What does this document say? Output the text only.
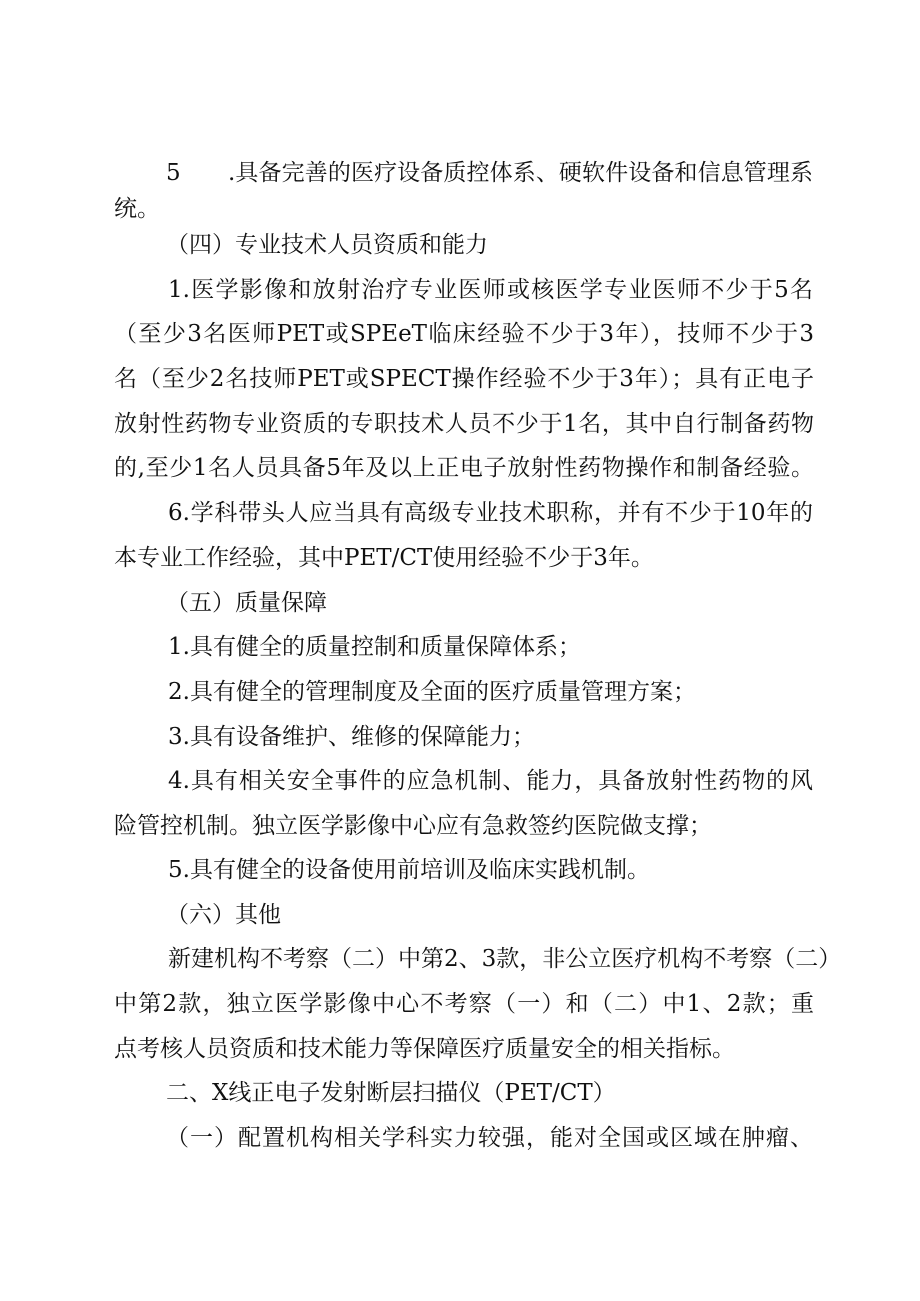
5 .具备完善的医疗设备质控体系、硬软件设备和信息管理系
统。
（四）专业技术人员资质和能力
1.医学影像和放射治疗专业医师或核医学专业医师不少于5名
（至少3名医师PET或SPEeT临床经验不少于3年），技师不少于3
名（至少2名技师PET或SPECT操作经验不少于3年）；具有正电子
放射性药物专业资质的专职技术人员不少于1名，其中自行制备药物
的,至少1名人员具备5年及以上正电子放射性药物操作和制备经验。
6.学科带头人应当具有高级专业技术职称，并有不少于10年的
本专业工作经验，其中PET/CT使用经验不少于3年。
（五）质量保障
1.具有健全的质量控制和质量保障体系；
2.具有健全的管理制度及全面的医疗质量管理方案；
3.具有设备维护、维修的保障能力；
4.具有相关安全事件的应急机制、能力，具备放射性药物的风
险管控机制。独立医学影像中心应有急救签约医院做支撑；
5.具有健全的设备使用前培训及临床实践机制。
（六）其他
新建机构不考察（二）中第2、3款，非公立医疗机构不考察（二）
中第2款，独立医学影像中心不考察（一）和（二）中1、2款；重
点考核人员资质和技术能力等保障医疗质量安全的相关指标。
二、X线正电子发射断层扫描仪（PET/CT）
（一）配置机构相关学科实力较强，能对全国或区域在肿瘤、
